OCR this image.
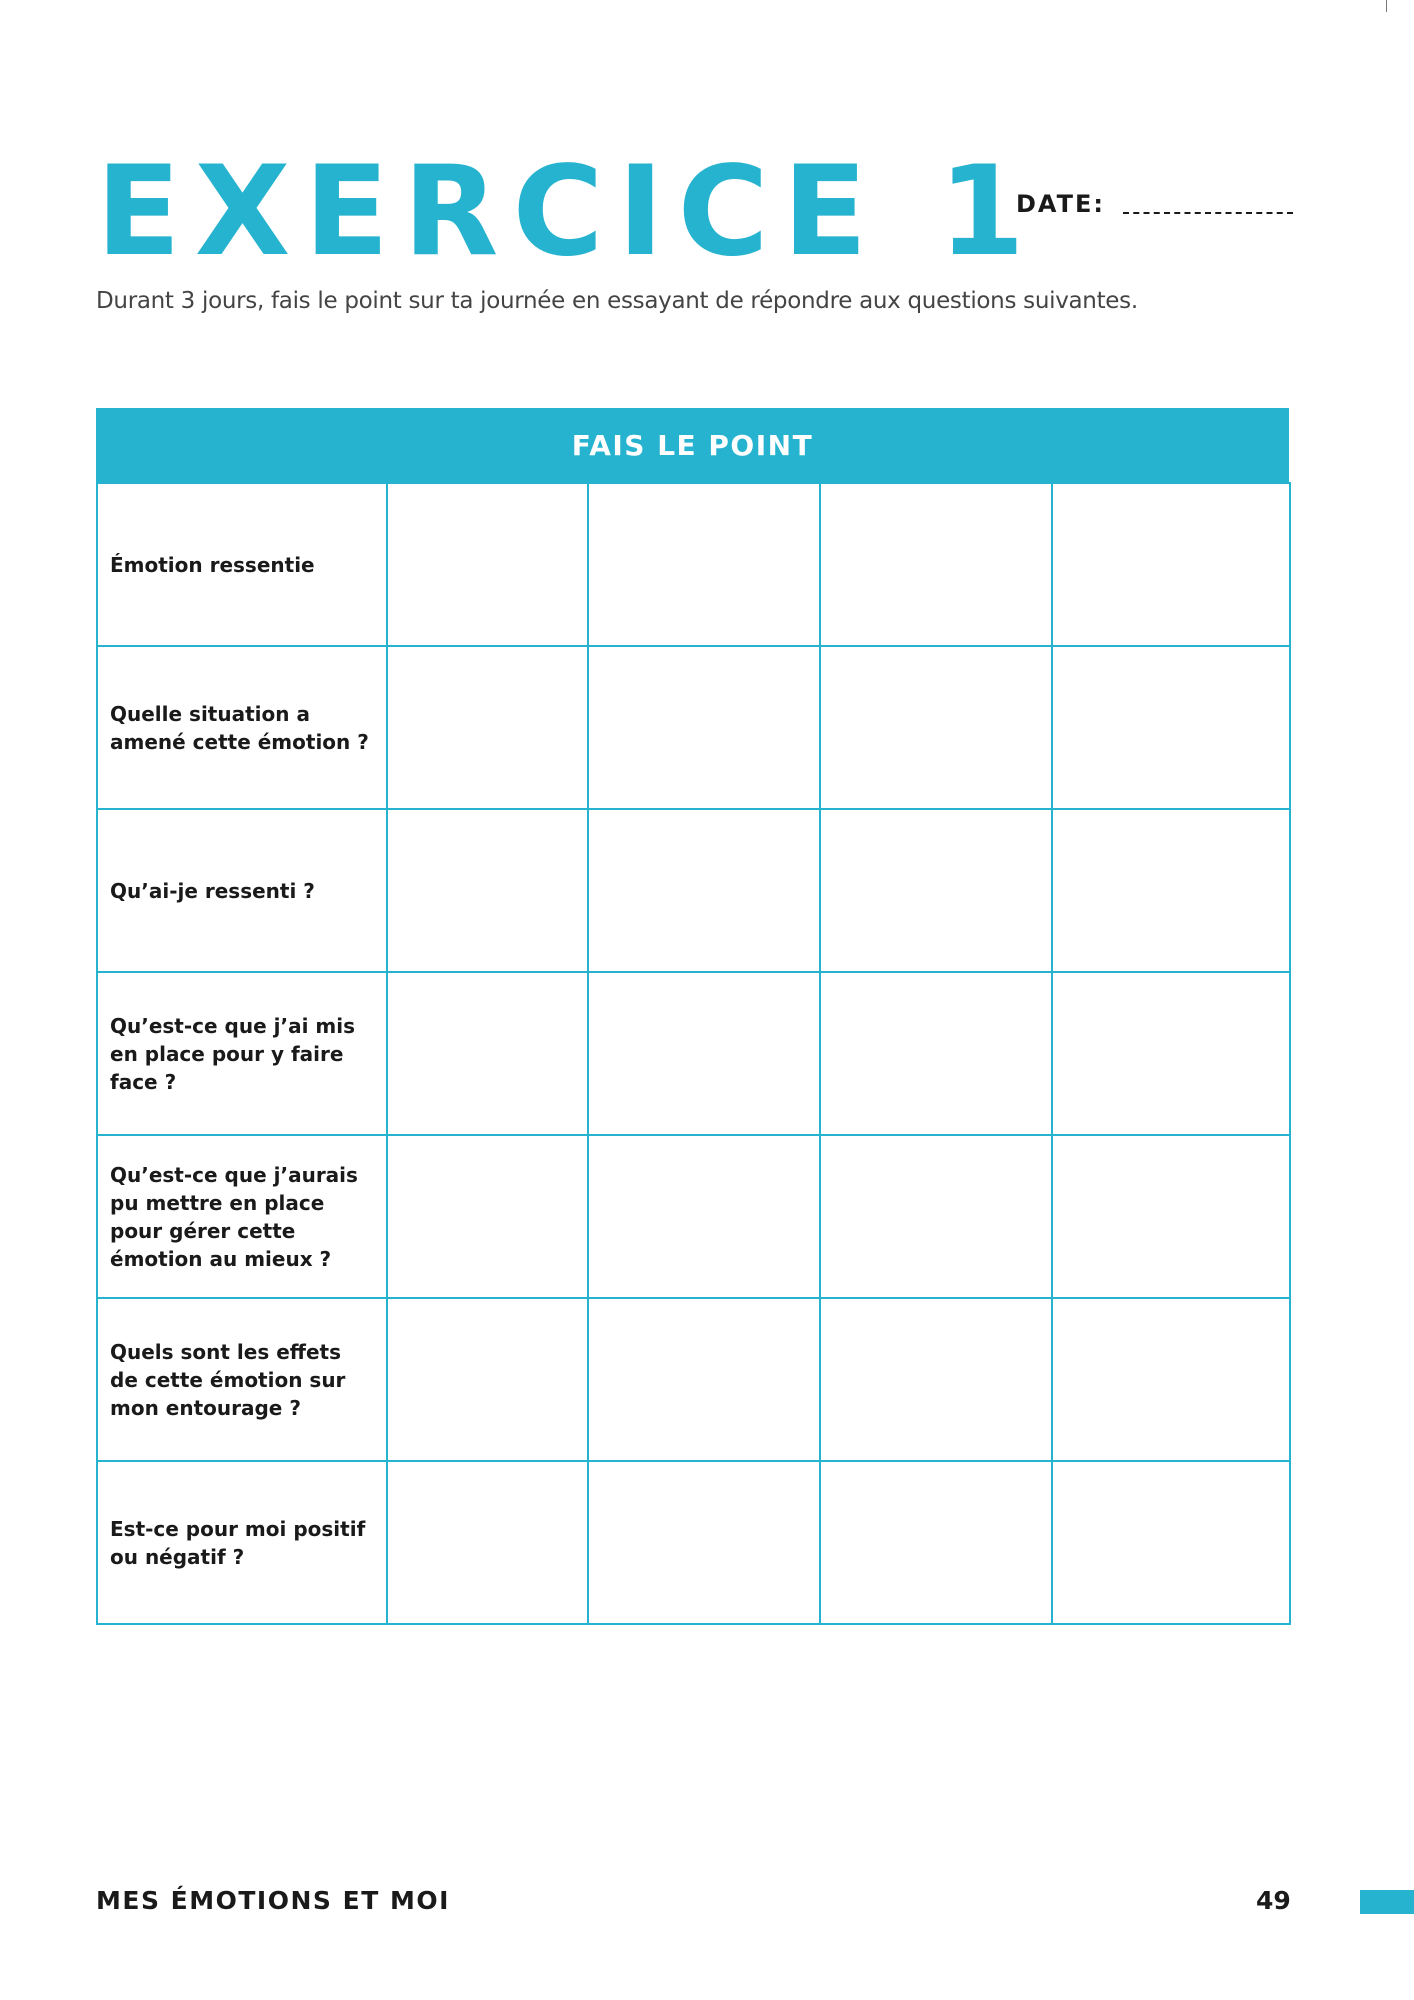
EXERCICE 1
DATE:
Durant 3 jours, fais le point sur ta journée en essayant de répondre aux questions suivantes.
FAIS LE POINT
Émotion ressentie				
Quelle situation a amené cette émotion ?				
Qu’ai-je ressenti ?				
Qu’est-ce que j’ai mis en place pour y faire face ?				
Qu’est-ce que j’aurais pu mettre en place pour gérer cette émotion au mieux ?				
Quels sont les effets de cette émotion sur mon entourage ?				
Est-ce pour moi positif ou négatif ?				
MES ÉMOTIONS ET MOI	49
